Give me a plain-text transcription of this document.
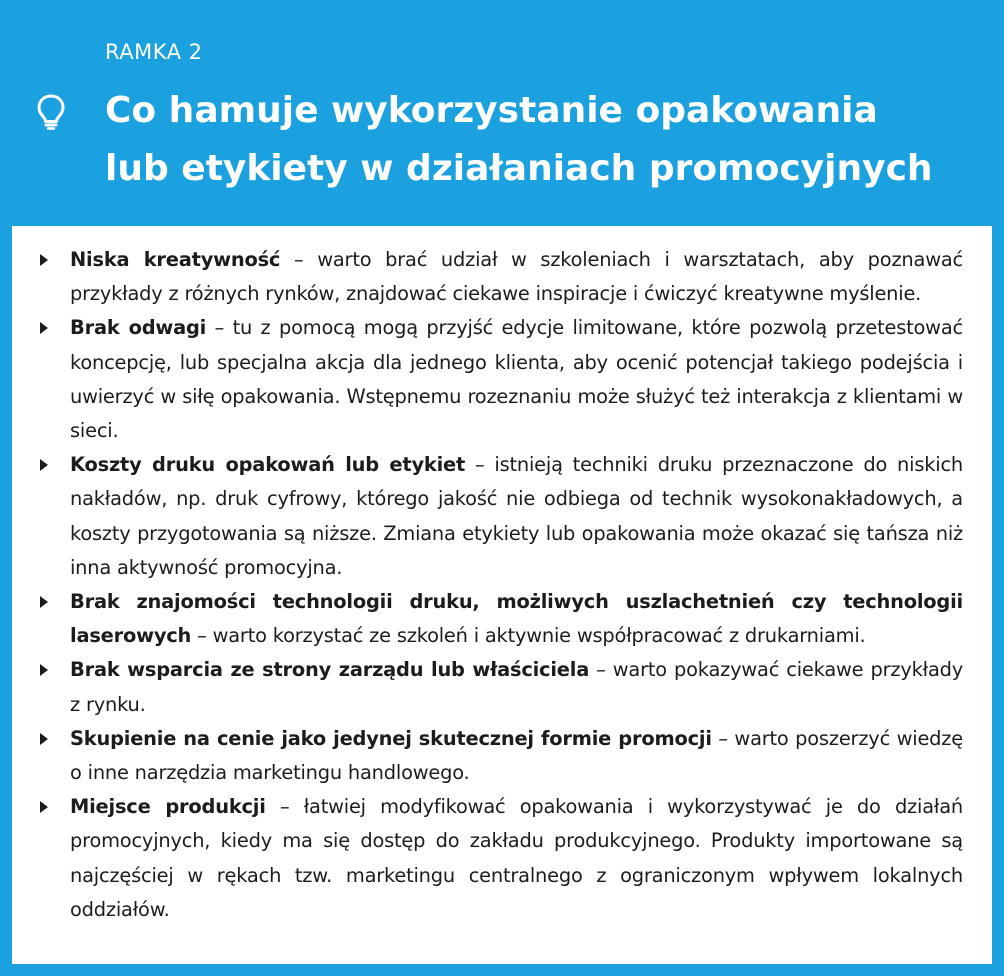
RAMKA 2
Co hamuje wykorzystanie opakowania
lub etykiety w działaniach promocyjnych
Niska kreatywność – warto brać udział w szkoleniach i warsztatach, aby poznawać przykłady z różnych rynków, znajdować ciekawe inspiracje i ćwiczyć kreatywne myślenie.
Brak odwagi – tu z pomocą mogą przyjść edycje limitowane, które pozwolą przetestować koncepcję, lub specjalna akcja dla jednego klienta, aby ocenić potencjał takiego podejścia i uwierzyć w siłę opakowania. Wstępnemu rozeznaniu może służyć też interakcja z klientami w sieci.
Koszty druku opakowań lub etykiet – istnieją techniki druku przeznaczone do niskich nakładów, np. druk cyfrowy, którego jakość nie odbiega od technik wysokonakładowych, a koszty przygotowania są niższe. Zmiana etykiety lub opakowania może okazać się tańsza niż inna aktywność promocyjna.
Brak znajomości technologii druku, możliwych uszlachetnień czy technologii laserowych – warto korzystać ze szkoleń i aktywnie współpracować z drukarniami.
Brak wsparcia ze strony zarządu lub właściciela – warto pokazywać ciekawe przykłady z rynku.
Skupienie na cenie jako jedynej skutecznej formie promocji – warto poszerzyć wiedzę o inne narzędzia marketingu handlowego.
Miejsce produkcji – łatwiej modyfikować opakowania i wykorzystywać je do działań promocyjnych, kiedy ma się dostęp do zakładu produkcyjnego. Produkty importowane są najczęściej w rękach tzw. marketingu centralnego z ograniczonym wpływem lokalnych oddziałów.
